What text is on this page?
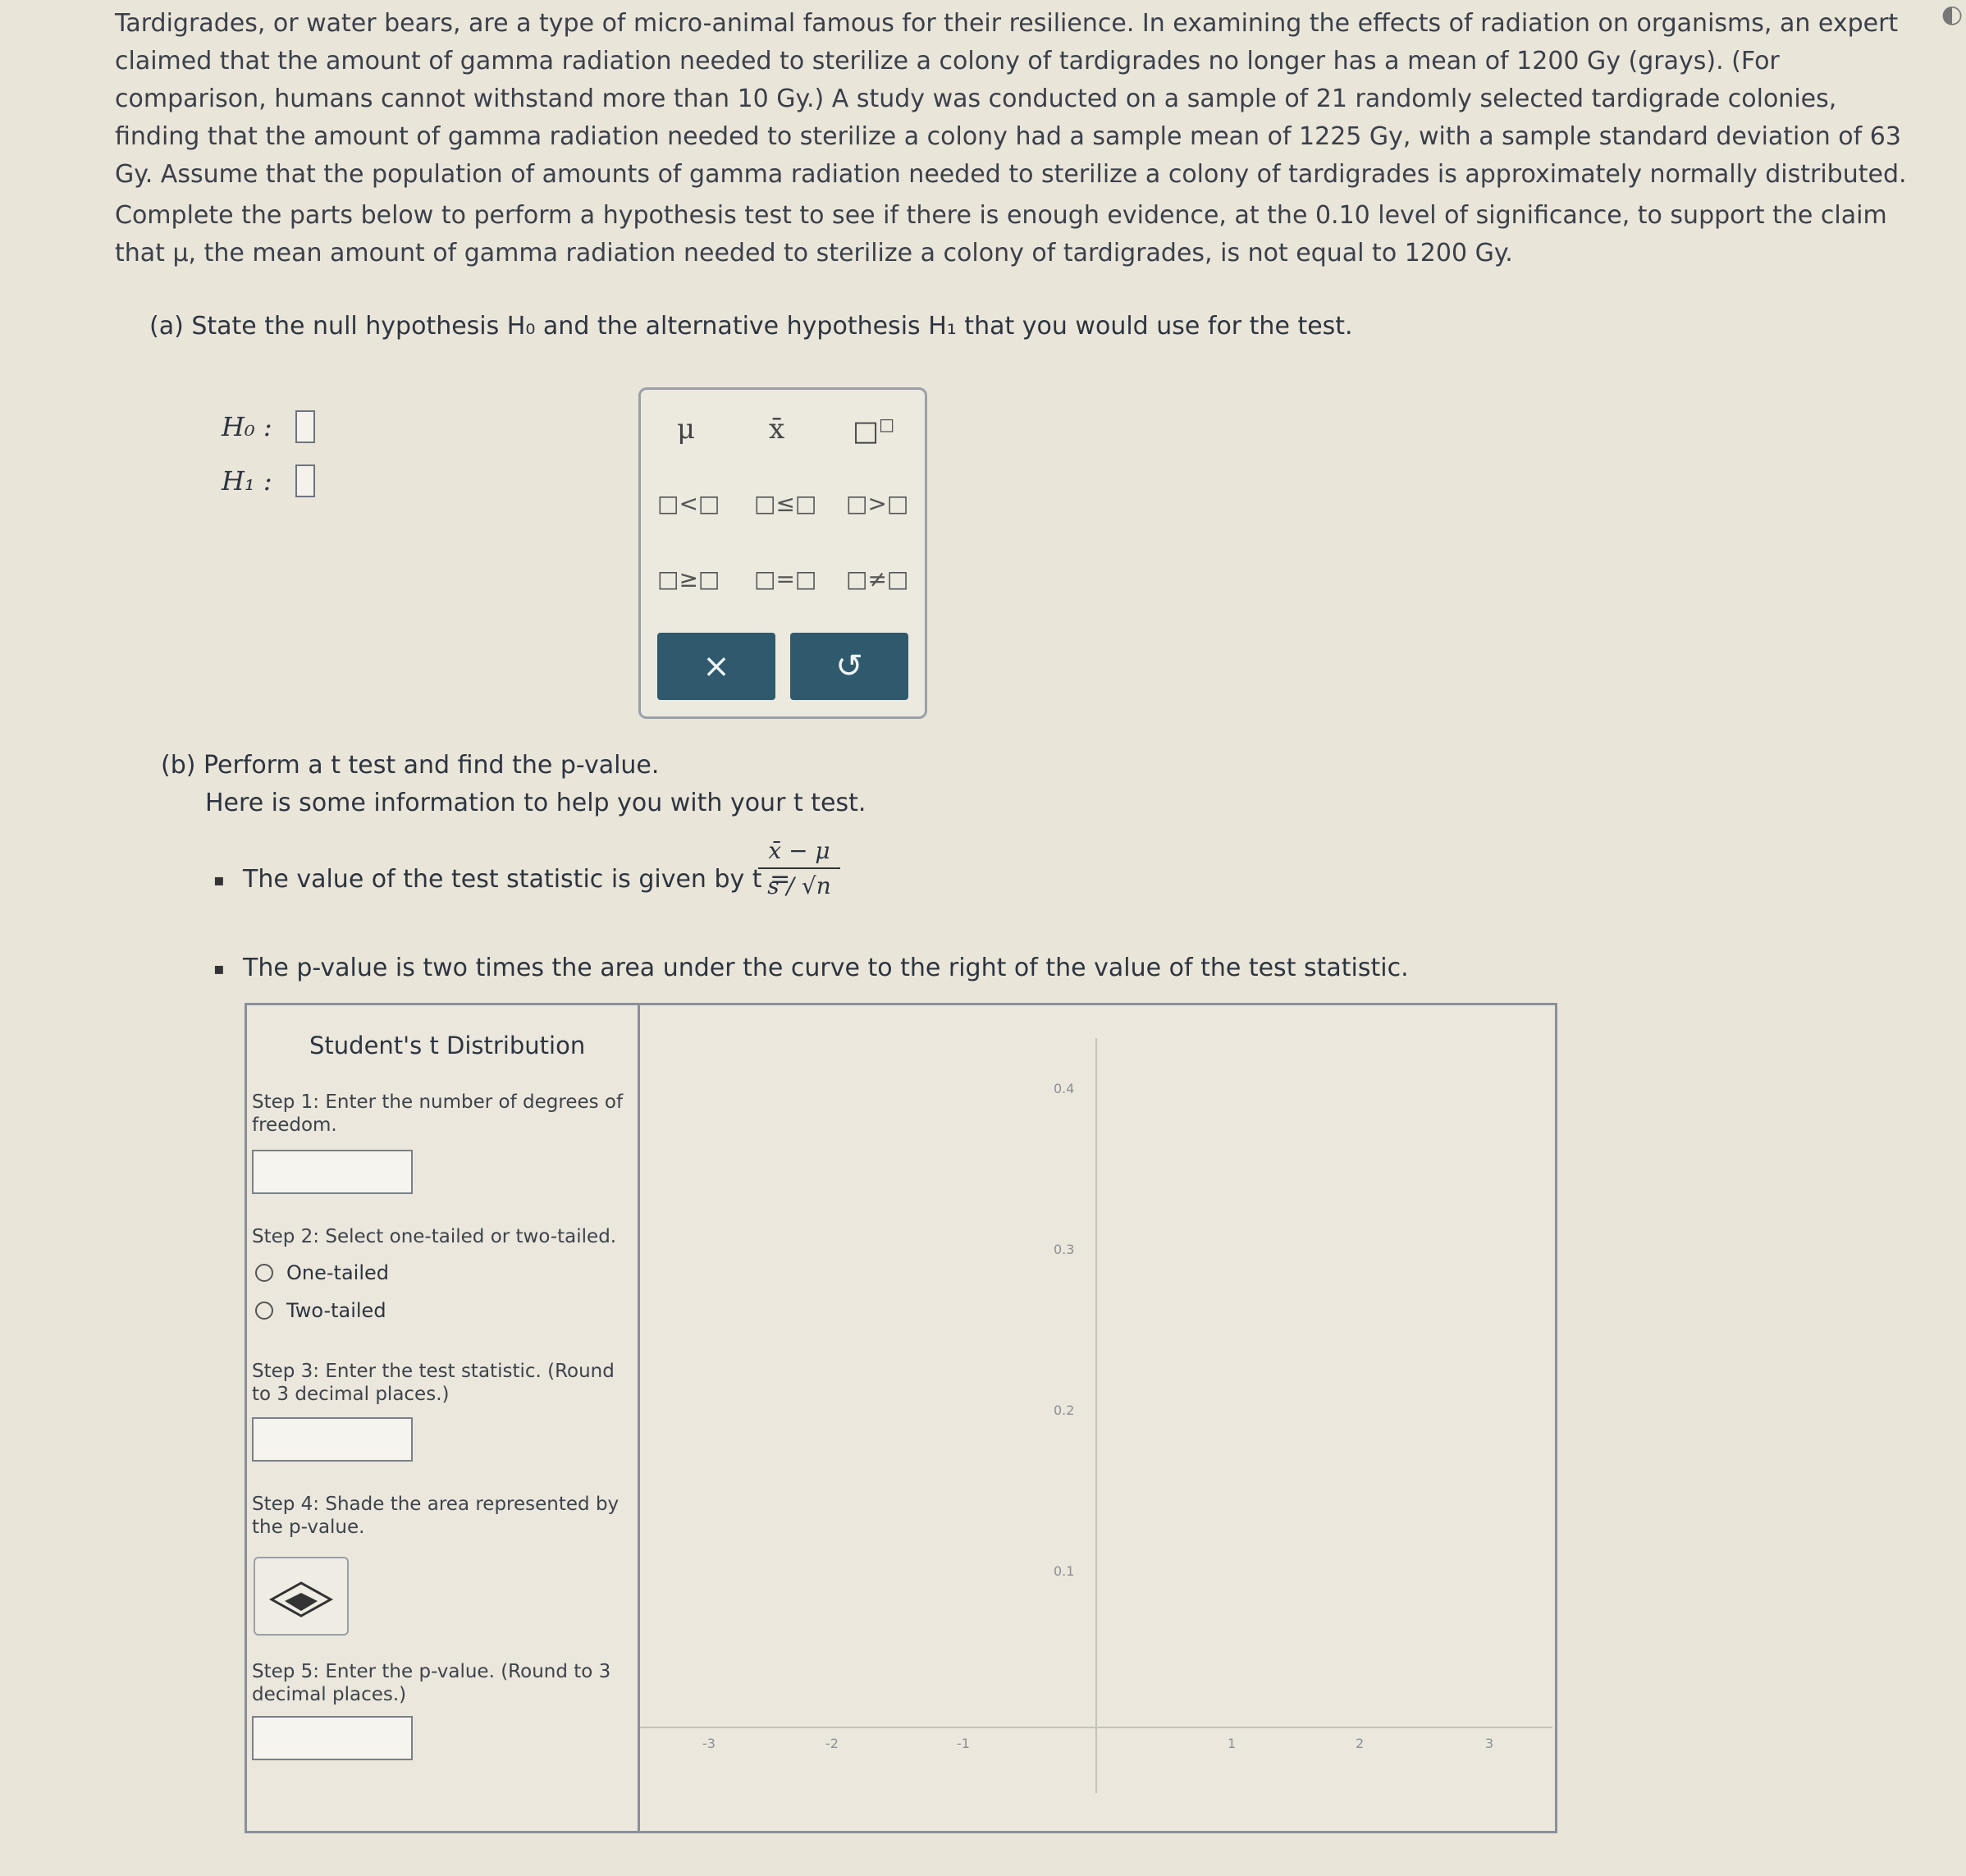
Tardigrades, or water bears, are a type of micro-animal famous for their resilience. In examining the effects of radiation on organisms, an expert claimed that the amount of gamma radiation needed to sterilize a colony of tardigrades no longer has a mean of 1200 Gy (grays). (For comparison, humans cannot withstand more than 10 Gy.) A study was conducted on a sample of 21 randomly selected tardigrade colonies, finding that the amount of gamma radiation needed to sterilize a colony had a sample mean of 1225 Gy, with a sample standard deviation of 63 Gy. Assume that the population of amounts of gamma radiation needed to sterilize a colony of tardigrades is approximately normally distributed.

Complete the parts below to perform a hypothesis test to see if there is enough evidence, at the 0.10 level of significance, to support the claim that μ, the mean amount of gamma radiation needed to sterilize a colony of tardigrades, is not equal to 1200 Gy.

(a) State the null hypothesis H₀ and the alternative hypothesis H₁ that you would use for the test.
H₀ :
H₁ :
μ	x̄ □□
□<□ □≤□ □>□
□≥□ □=□ □≠□
×	↺
(b) Perform a t test and find the p-value.
Here is some information to help you with your t test.
▪ The value of the test statistic is given by t =
x̄ − μ
s / √n
▪ The p-value is two times the area under the curve to the right of the value of the test statistic.
Student's t Distribution
Step 1: Enter the number of degrees of freedom.
Step 2: Select one-tailed or two-tailed.
One-tailed
Two-tailed
Step 3: Enter the test statistic. (Round to 3 decimal places.)
Step 4: Shade the area represented by the p-value.
Step 5: Enter the p-value. (Round to 3 decimal places.)
0.4
0.3
0.2
0.1
-3	-2	-1	1	2	3
◐
